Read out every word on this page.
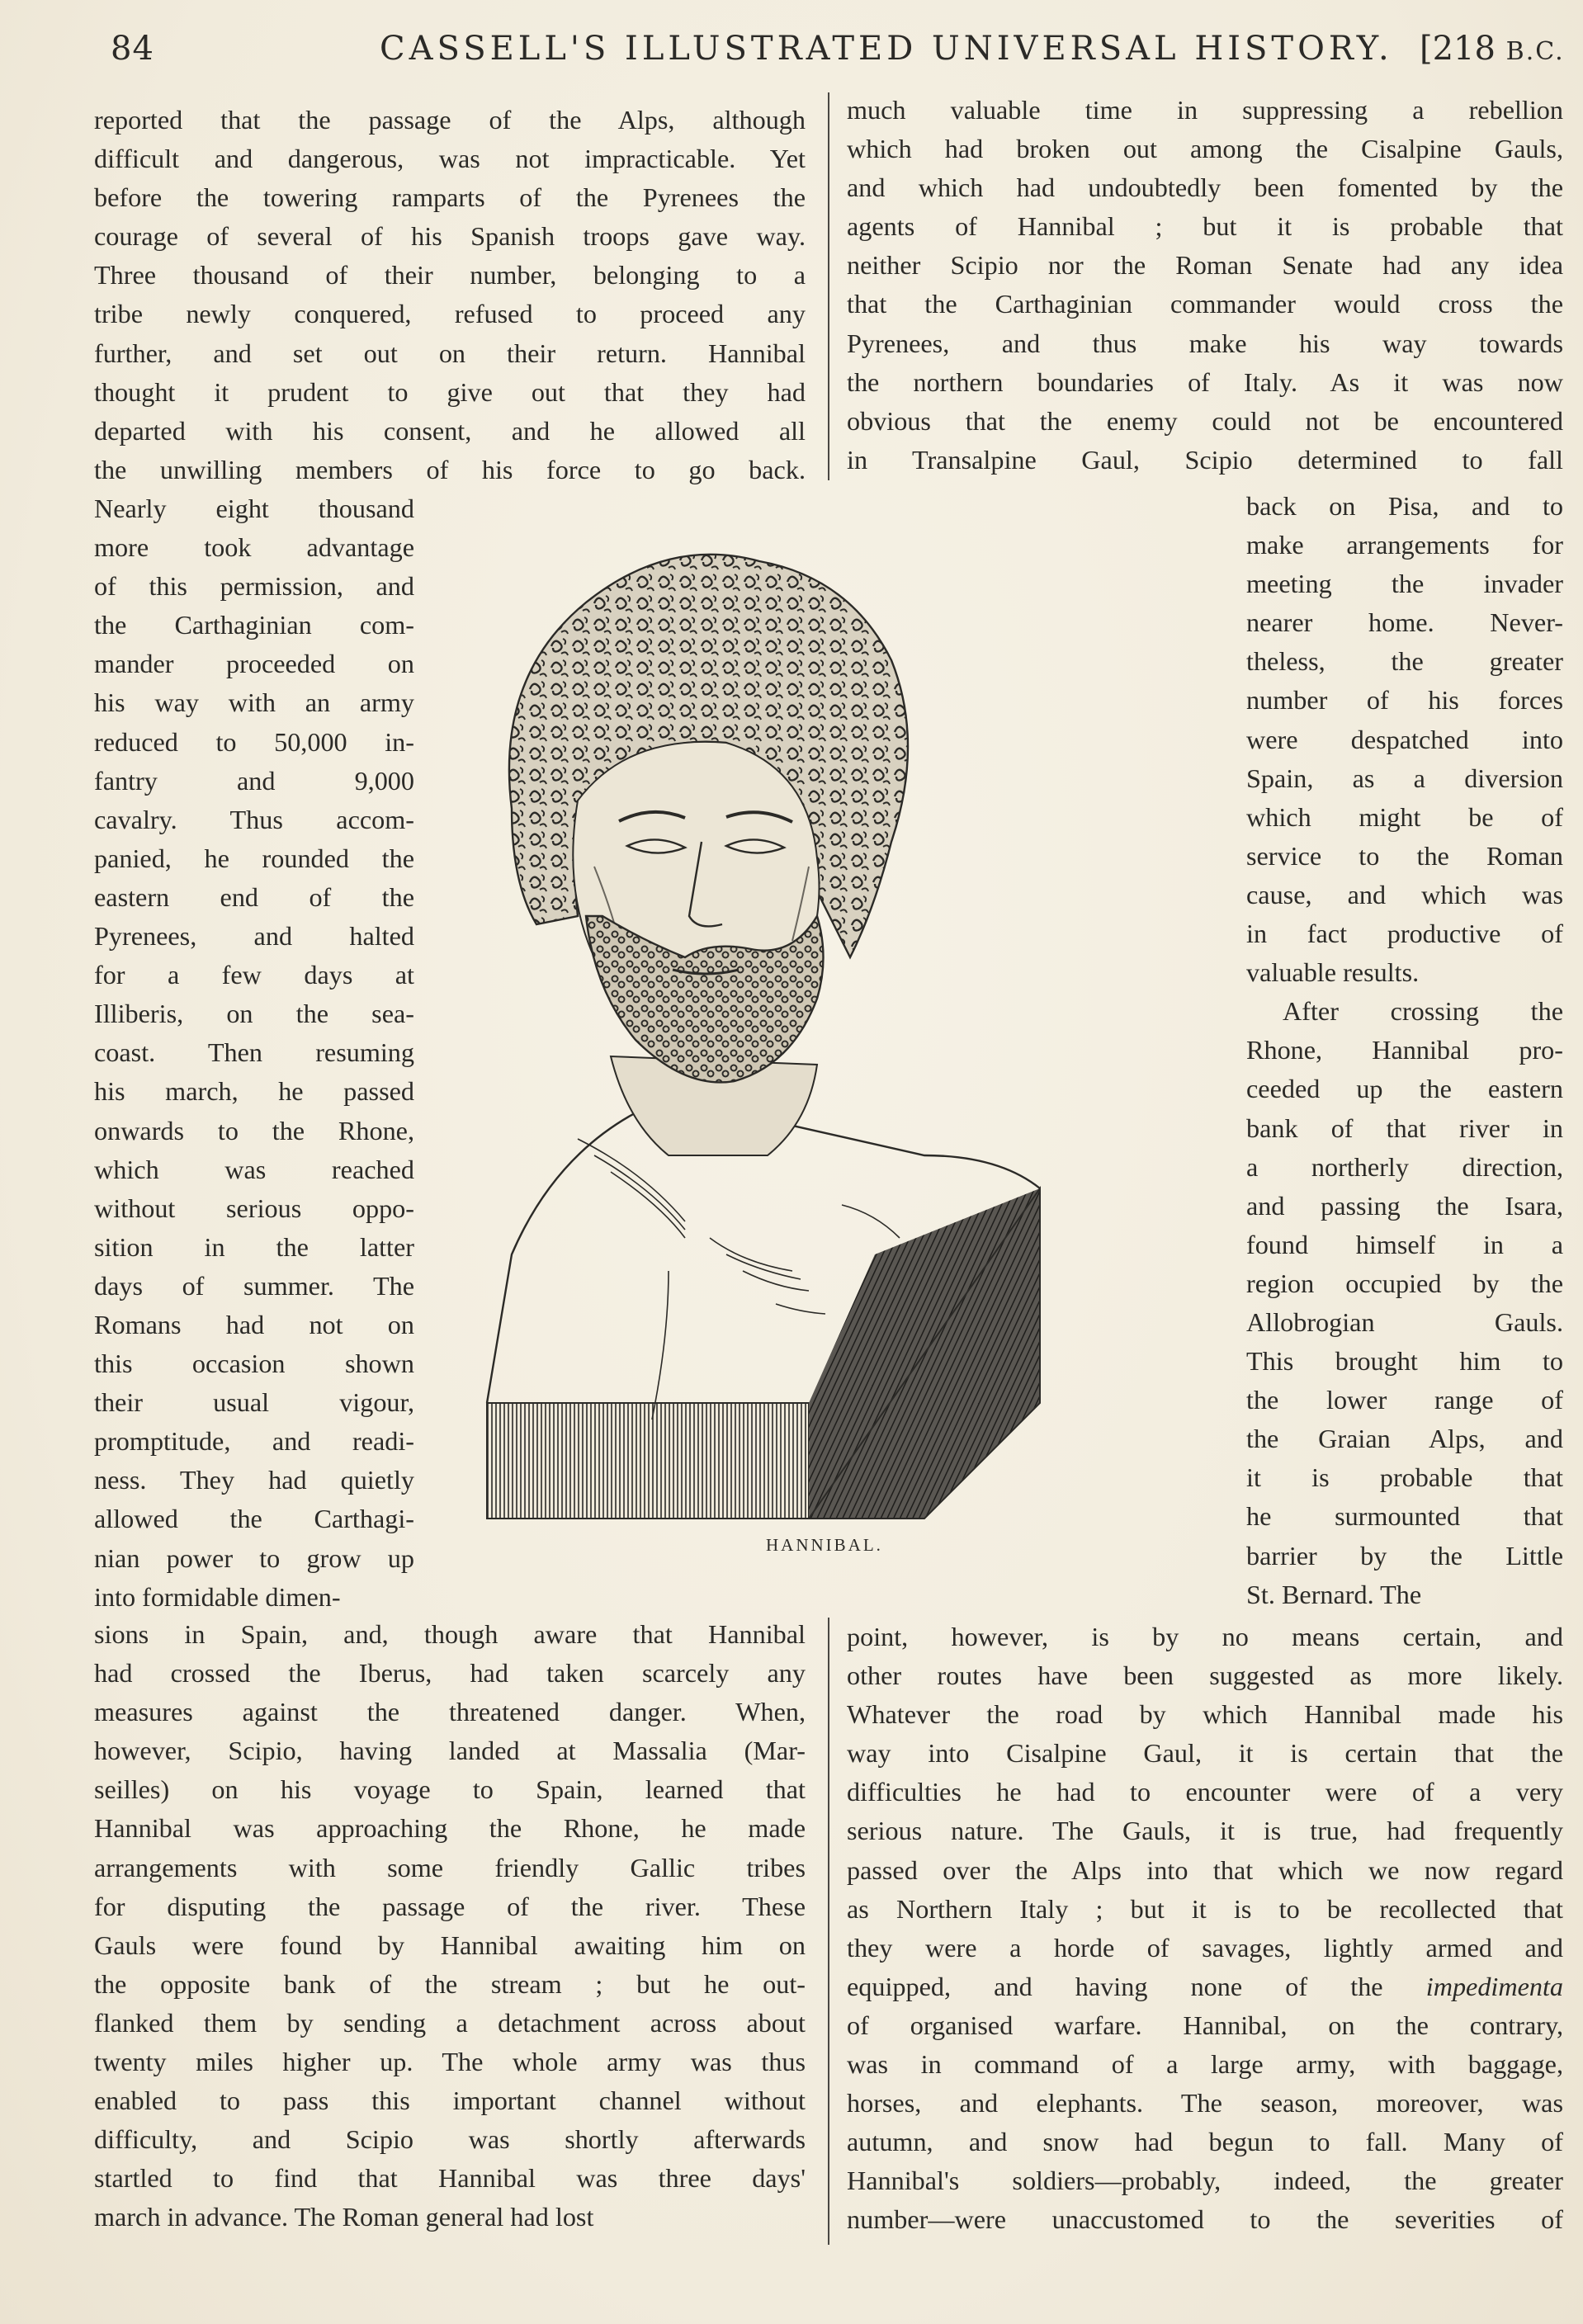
84	CASSELL'S ILLUSTRATED UNIVERSAL HISTORY. [218 B.C.
reported that the passage of the Alps, although
difficult and dangerous, was not impracticable. Yet
before the towering ramparts of the Pyrenees the
courage of several of his Spanish troops gave way.
Three thousand of their number, belonging to a
tribe newly conquered, refused to proceed any
further, and set out on their return. Hannibal
thought it prudent to give out that they had
departed with his consent, and he allowed all
the unwilling members of his force to go back.
Nearly eight thousand
more took advantage
of this permission, and
the Carthaginian com-
mander proceeded on
his way with an army
reduced to 50,000 in-
fantry and 9,000
cavalry. Thus accom-
panied, he rounded the
eastern end of the
Pyrenees, and halted
for a few days at
Illiberis, on the sea-
coast. Then resuming
his march, he passed
onwards to the Rhone,
which was reached
without serious oppo-
sition in the latter
days of summer. The
Romans had not on
this occasion shown
their usual vigour,
promptitude, and readi-
ness. They had quietly
allowed the Carthagi-
nian power to grow up
into formidable dimen-
sions in Spain, and, though aware that Hannibal
had crossed the Iberus, had taken scarcely any
measures against the threatened danger. When,
however, Scipio, having landed at Massalia (Mar-
seilles) on his voyage to Spain, learned that
Hannibal was approaching the Rhone, he made
arrangements with some friendly Gallic tribes
for disputing the passage of the river. These
Gauls were found by Hannibal awaiting him on
the opposite bank of the stream ; but he out-
flanked them by sending a detachment across about
twenty miles higher up. The whole army was thus
enabled to pass this important channel without
difficulty, and Scipio was shortly afterwards
startled to find that Hannibal was three days'
march in advance. The Roman general had lost
much valuable time in suppressing a rebellion
which had broken out among the Cisalpine Gauls,
and which had undoubtedly been fomented by the
agents of Hannibal ; but it is probable that
neither Scipio nor the Roman Senate had any idea
that the Carthaginian commander would cross the
Pyrenees, and thus make his way towards
the northern boundaries of Italy. As it was now
obvious that the enemy could not be encountered
in Transalpine Gaul, Scipio determined to fall
back on Pisa, and to
make arrangements for
meeting the invader
nearer home. Never-
theless, the greater
number of his forces
were despatched into
Spain, as a diversion
which might be of
service to the Roman
cause, and which was
in fact productive of
valuable results.
After crossing the
Rhone, Hannibal pro-
ceeded up the eastern
bank of that river in
a northerly direction,
and passing the Isara,
found himself in a
region occupied by the
Allobrogian Gauls.
This brought him to
the lower range of
the Graian Alps, and
it is probable that
he surmounted that
barrier by the Little
St. Bernard. The
point, however, is by no means certain, and
other routes have been suggested as more likely.
Whatever the road by which Hannibal made his
way into Cisalpine Gaul, it is certain that the
difficulties he had to encounter were of a very
serious nature. The Gauls, it is true, had frequently
passed over the Alps into that which we now regard
as Northern Italy ; but it is to be recollected that
they were a horde of savages, lightly armed and
equipped, and having none of the impedimenta
of organised warfare. Hannibal, on the contrary,
was in command of a large army, with baggage,
horses, and elephants. The season, moreover, was
autumn, and snow had begun to fall. Many of
Hannibal's soldiers—probably, indeed, the greater
number—were unaccustomed to the severities of
HANNIBAL.
